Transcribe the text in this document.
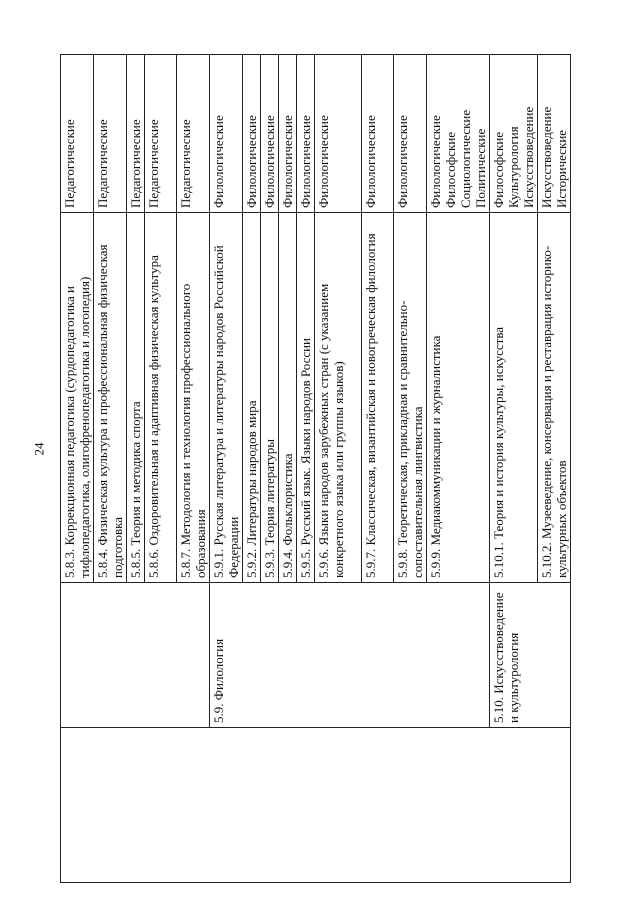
24
		5.8.3. Коррекционная педагогика (сурдопедагогика и тифлопедагогика, олигофренопедагогика и логопедия)	Педагогические

		5.8.4. Физическая культура и профессиональная физическая подготовка	Педагогические

		5.8.5. Теория и методика спорта	Педагогические

		5.8.6. Оздоровительная и адаптивная физическая культура	Педагогические

		5.8.7. Методология и технология профессионального образования	Педагогические

	5.9. Филология	5.9.1. Русская литература и литературы народов Российской Федерации	Филологические

		5.9.2. Литературы народов мира	Филологические

		5.9.3. Теория литературы	Филологические

		5.9.4. Фольклористика	Филологические

		5.9.5. Русский язык. Языки народов России	Филологические

		5.9.6. Языки народов зарубежных стран (с указанием конкретного языка или группы языков)	Филологические

		5.9.7. Классическая, византийская и новогреческая филология	Филологические

		5.9.8. Теоретическая, прикладная и сравнительно-сопоставительная лингвистика	Филологические

		5.9.9. Медиакоммуникации и журналистика	Филологические Философские Социологические Политические

	5.10. Искусствоведение и культурология	5.10.1. Теория и история культуры, искусства	Философские Культурология Искусствоведение

		5.10.2. Музееведение, консервация и реставрация историко-культурных объектов	Искусствоведение Исторические
